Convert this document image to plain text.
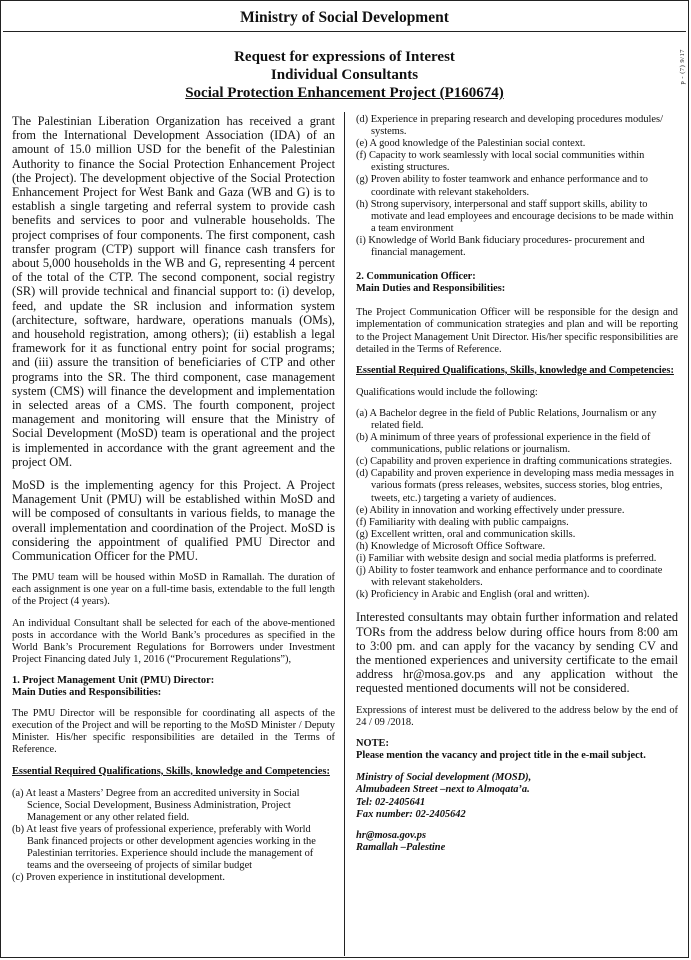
Ministry of Social Development
Request for expressions of Interest
Individual Consultants
Social Protection Enhancement Project (P160674)
p - (7) 9/17

The Palestinian Liberation Organization has received a grant from the International Development Association (IDA) of an amount of 15.0 million USD for the benefit of the Palestinian Authority to finance the Social Protection Enhancement Project (the Project). The development objective of the Social Protection Enhancement Project for West Bank and Gaza (WB and G) is to establish a single targeting and referral system to provide cash benefits and services to poor and vulnerable households. The project comprises of four components. The first component, cash transfer program (CTP) support will finance cash transfers for about 5,000 households in the WB and G, representing 4 percent of the total of the CTP. The second component, social registry (SR) will provide technical and financial support to: (i) develop, feed, and update the SR inclusion and information system (architecture, software, hardware, operations manuals (OMs), and household registration, among others); (ii) establish a legal framework for it as functional entry point for social programs; and (iii) assure the transition of beneficiaries of CTP and other programs into the SR. The third component, case management system (CMS) will finance the development and implementation in selected areas of a CMS. The fourth component, project management and monitoring will ensure that the Ministry of Social Development (MoSD) team is operational and the project is implemented in accordance with the grant agreement and the project OM.

MoSD is the implementing agency for this Project. A Project Management Unit (PMU) will be established within MoSD and will be composed of consultants in various fields, to manage the overall implementation and coordination of the Project. MoSD is considering the appointment of qualified PMU Director and Communication Officer for the PMU.

The PMU team will be housed within MoSD in Ramallah. The duration of each assignment is one year on a full-time basis, extendable to the full length of the Project (4 years).

An individual Consultant shall be selected for each of the above-mentioned posts in accordance with the World Bank’s procedures as specified in the World Bank’s Procurement Regulations for Borrowers under Investment Project Financing dated July 1, 2016 (“Procurement Regulations”),

1. Project Management Unit (PMU) Director:
Main Duties and Responsibilities:

The PMU Director will be responsible for coordinating all aspects of the execution of the Project and will be reporting to the MoSD Minister / Deputy Minister. His/her specific responsibilities are detailed in the Terms of Reference.

Essential Required Qualifications, Skills, knowledge and Competencies:
(a) At least a Masters’ Degree from an accredited university in Social Science, Social Development, Business Administration, Project Management or any other related field.
(b) At least five years of professional experience, preferably with World Bank financed projects or other development agencies working in the Palestinian territories. Experience should include the management of teams and the overseeing of projects of similar budget
(c) Proven experience in institutional development.
(d) Experience in preparing research and developing procedures modules/ systems.
(e) A good knowledge of the Palestinian social context.
(f) Capacity to work seamlessly with local social communities within existing structures.
(g) Proven ability to foster teamwork and enhance performance and to coordinate with relevant stakeholders.
(h) Strong supervisory, interpersonal and staff support skills, ability to motivate and lead employees and encourage decisions to be made within a team environment
(i) Knowledge of World Bank fiduciary procedures- procurement and financial management.
2. Communication Officer:
Main Duties and Responsibilities:

The Project Communication Officer will be responsible for the design and implementation of communication strategies and plan and will be reporting to the Project Management Unit Director. His/her specific responsibilities are detailed in the Terms of Reference.

Essential Required Qualifications, Skills, knowledge and Competencies:

Qualifications would include the following:

(a) A Bachelor degree in the field of Public Relations, Journalism or any related field.
(b) A minimum of three years of professional experience in the field of communications, public relations or journalism.
(c) Capability and proven experience in drafting communications strategies.
(d) Capability and proven experience in developing mass media messages in various formats (press releases, websites, success stories, blog entries, tweets, etc.) targeting a variety of audiences.
(e) Ability in innovation and working effectively under pressure.
(f) Familiarity with dealing with public campaigns.
(g) Excellent written, oral and communication skills.
(h) Knowledge of Microsoft Office Software.
(i) Familiar with website design and social media platforms is preferred.
(j) Ability to foster teamwork and enhance performance and to coordinate with relevant stakeholders.
(k) Proficiency in Arabic and English (oral and written).

Interested consultants may obtain further information and related TORs from the address below during office hours from 8:00 am to 3:00 pm. and can apply for the vacancy by sending CV and the mentioned experiences and university certificate to the email address hr@mosa.gov.ps and any application without the requested mentioned documents will not be considered.

Expressions of interest must be delivered to the address below by the end of 24 / 09 /2018.

NOTE:

Please mention the vacancy and project title in the e-mail subject.

Ministry of Social development (MOSD),
Almubadeen Street –next to Almoqata’a.
Tel: 02-2405641
Fax number: 02-2405642
hr@mosa.gov.ps
Ramallah –Palestine
